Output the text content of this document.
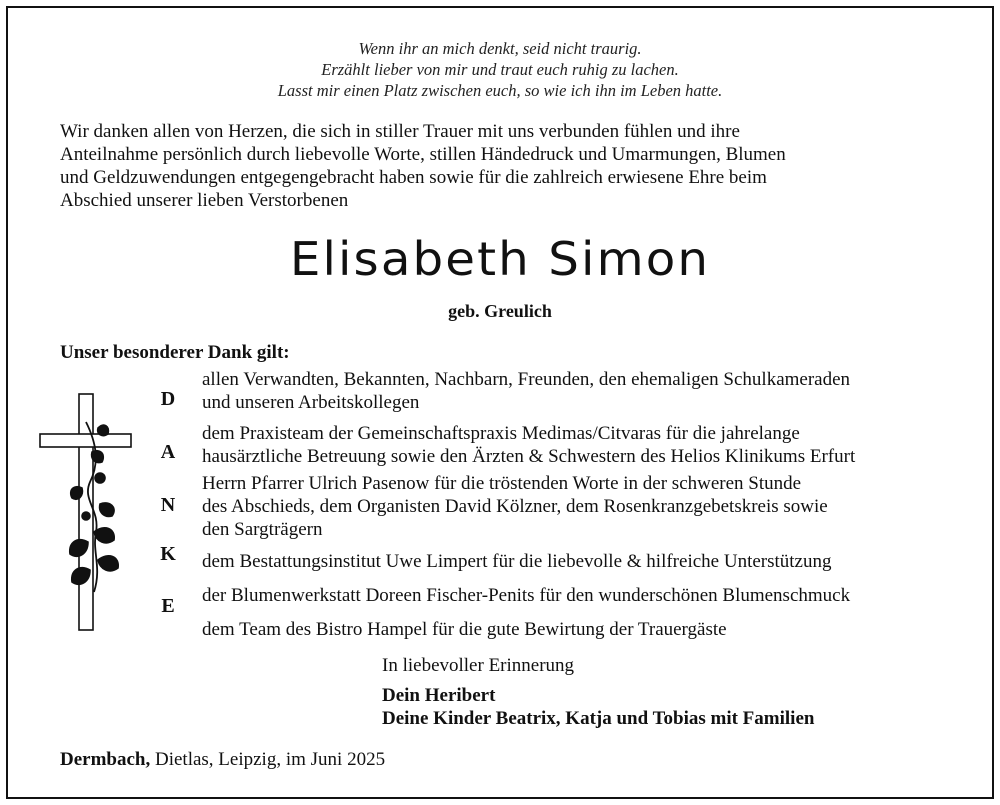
Wenn ihr an mich denkt, seid nicht traurig.
Erzählt lieber von mir und traut euch ruhig zu lachen.
Lasst mir einen Platz zwischen euch, so wie ich ihn im Leben hatte.
Wir danken allen von Herzen, die sich in stiller Trauer mit uns verbunden fühlen und ihre
Anteilnahme persönlich durch liebevolle Worte, stillen Händedruck und Umarmungen, Blumen
und Geldzuwendungen entgegengebracht haben sowie für die zahlreich erwiesene Ehre beim
Abschied unserer lieben Verstorbenen
Elisabeth Simon
geb. Greulich
Unser besonderer Dank gilt:
D
A
N
K
E
allen Verwandten, Bekannten, Nachbarn, Freunden, den ehemaligen Schulkameraden
und unseren Arbeitskollegen
dem Praxisteam der Gemeinschaftspraxis Medimas/Citvaras für die jahrelange
hausärztliche Betreuung sowie den Ärzten & Schwestern des Helios Klinikums Erfurt
Herrn Pfarrer Ulrich Pasenow für die tröstenden Worte in der schweren Stunde
des Abschieds, dem Organisten David Kölzner, dem Rosenkranzgebetskreis sowie
den Sargträgern
dem Bestattungsinstitut Uwe Limpert für die liebevolle & hilfreiche Unterstützung
der Blumenwerkstatt Doreen Fischer-Penits für den wunderschönen Blumenschmuck
dem Team des Bistro Hampel für die gute Bewirtung der Trauergäste
In liebevoller Erinnerung
Dein Heribert
Deine Kinder Beatrix, Katja und Tobias mit Familien
Dermbach, Dietlas, Leipzig, im Juni 2025
